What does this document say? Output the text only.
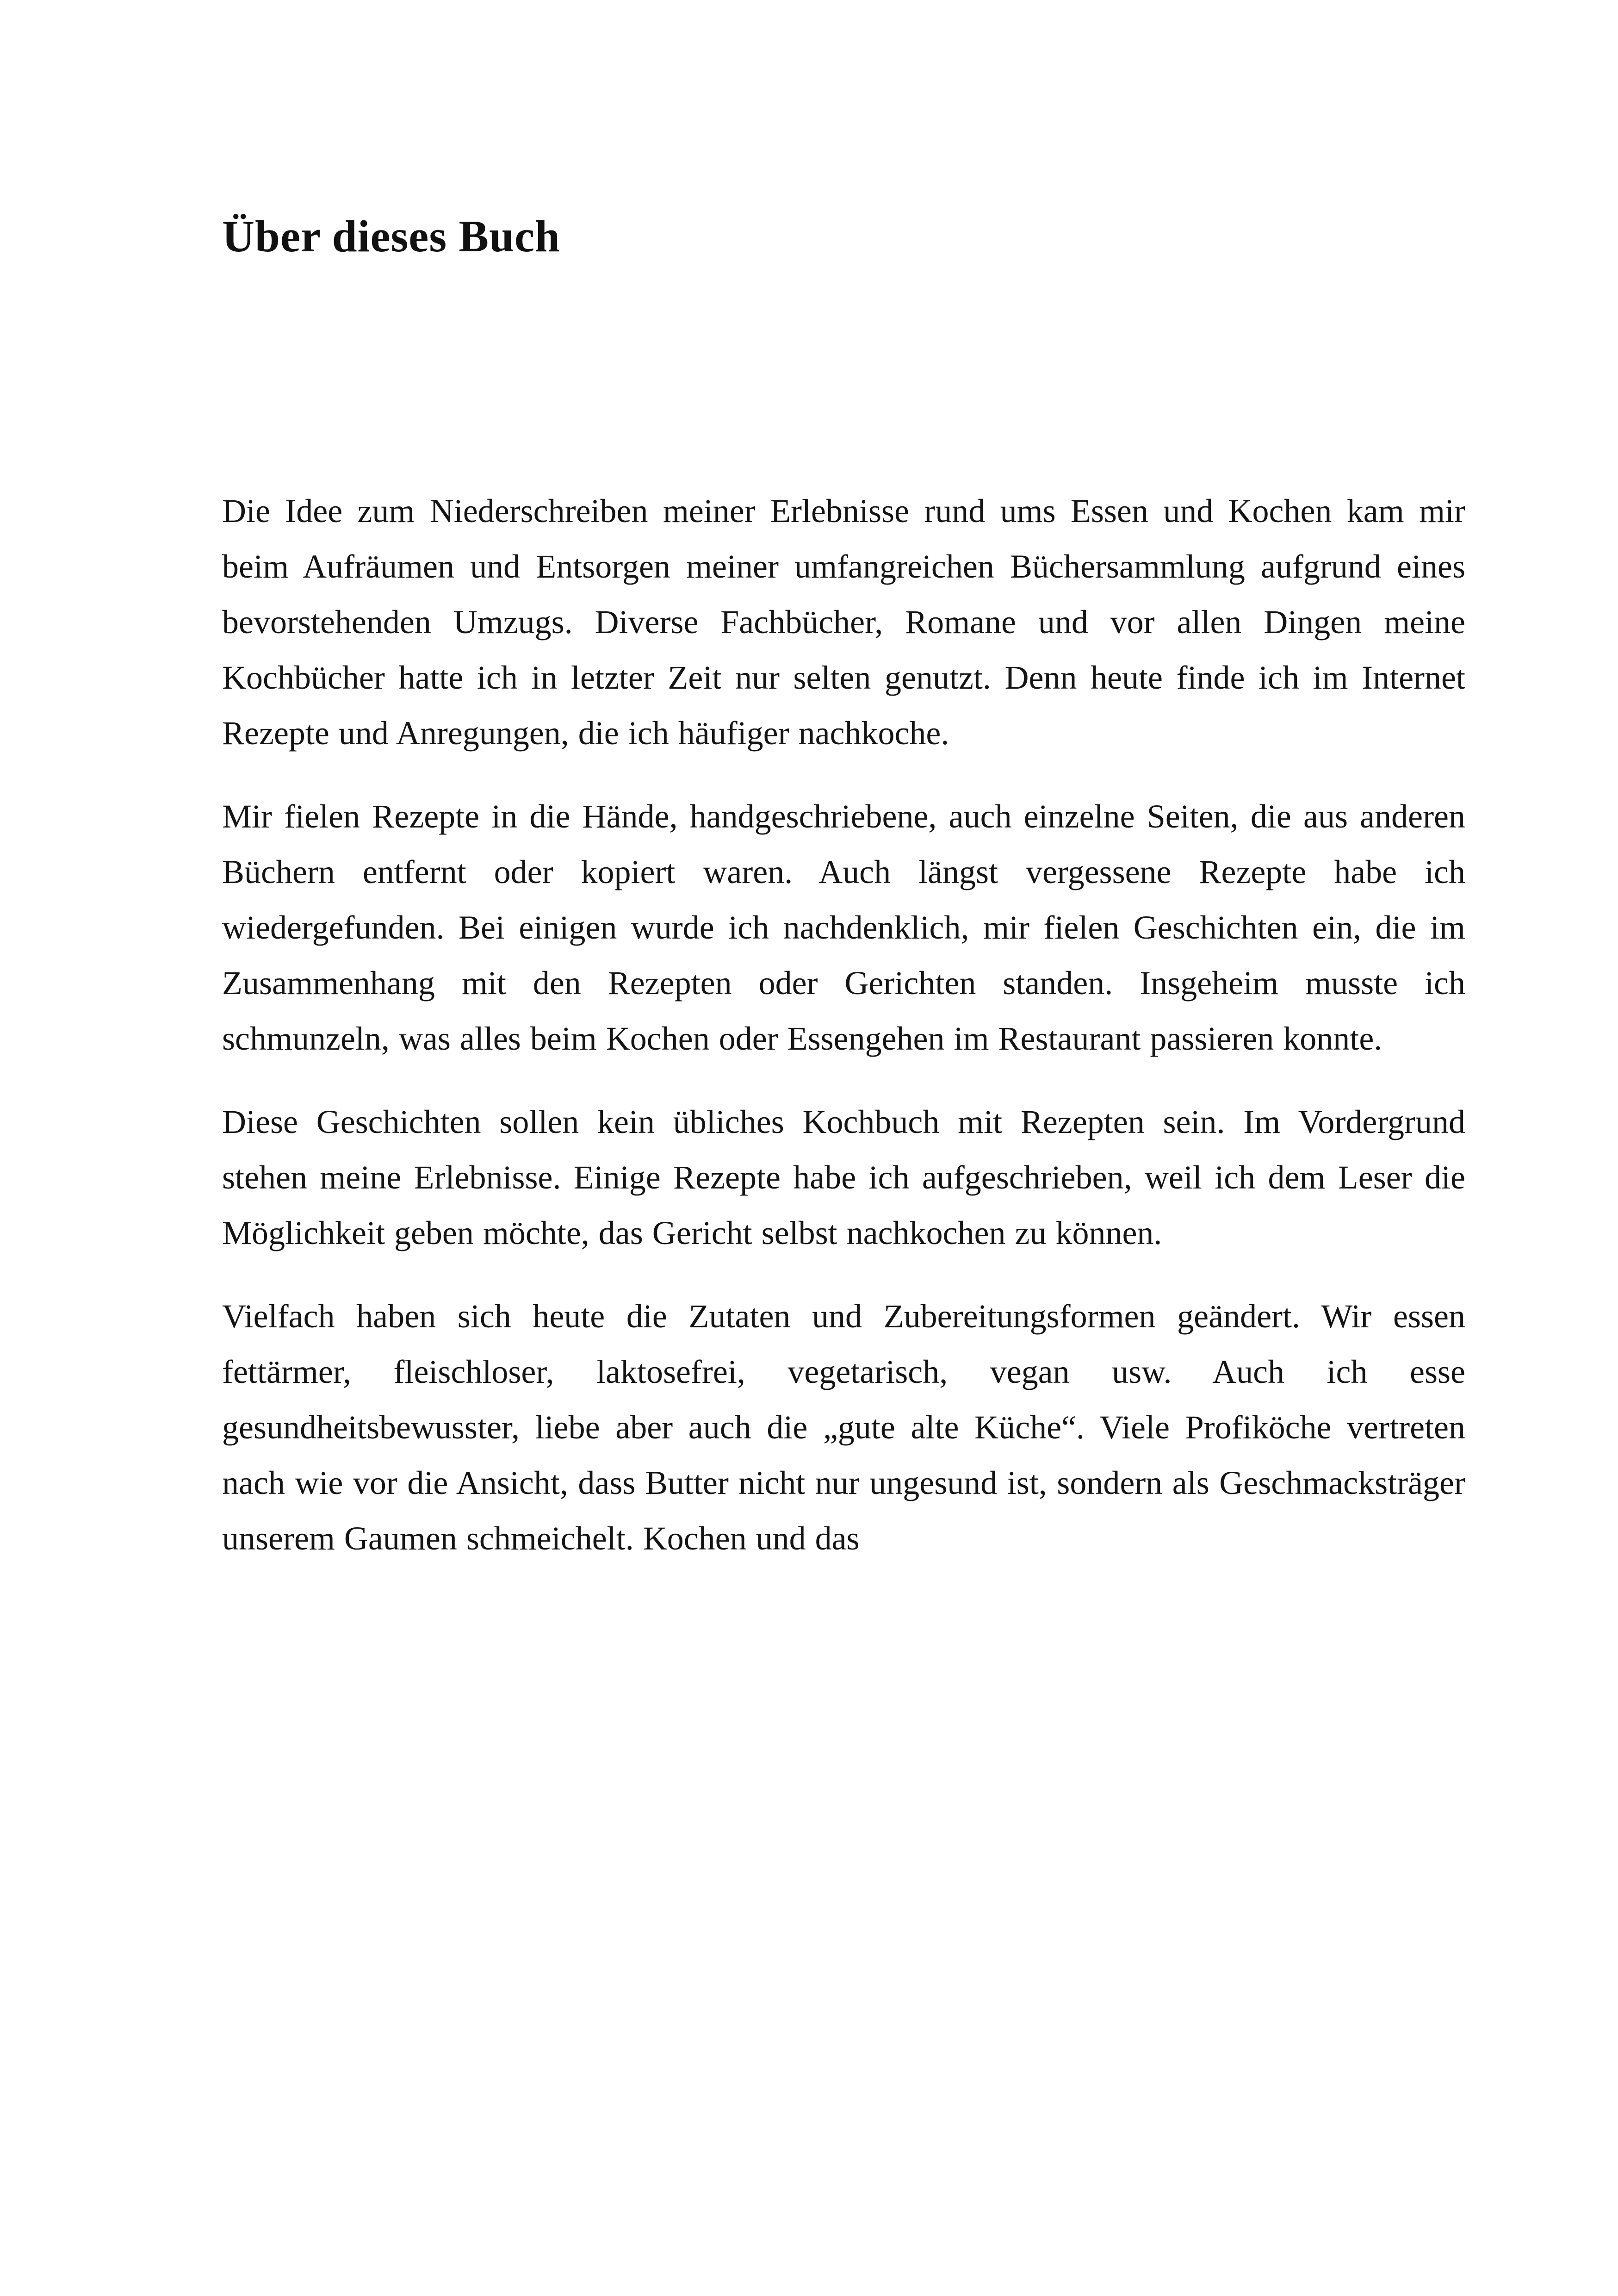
Über dieses Buch

Die Idee zum Niederschreiben meiner Erlebnisse rund ums Essen und Kochen kam mir beim Aufräumen und Entsorgen meiner umfangreichen Büchersammlung aufgrund eines bevorstehenden Umzugs. Diverse Fachbücher, Romane und vor allen Dingen meine Kochbücher hatte ich in letzter Zeit nur selten genutzt. Denn heute finde ich im Internet Rezepte und Anregungen, die ich häufiger nachkoche.

Mir fielen Rezepte in die Hände, handgeschriebene, auch einzelne Seiten, die aus anderen Büchern entfernt oder kopiert waren. Auch längst vergessene Rezepte habe ich wiedergefunden. Bei einigen wurde ich nachdenklich, mir fielen Geschichten ein, die im Zusammenhang mit den Rezepten oder Gerichten standen. Insgeheim musste ich schmunzeln, was alles beim Kochen oder Essengehen im Restaurant passieren konnte.

Diese Geschichten sollen kein übliches Kochbuch mit Rezepten sein. Im Vordergrund stehen meine Erlebnisse. Einige Rezepte habe ich aufgeschrieben, weil ich dem Leser die Möglichkeit geben möchte, das Gericht selbst nachkochen zu können.

Vielfach haben sich heute die Zutaten und Zubereitungsformen geändert. Wir essen fettärmer, fleischloser, laktosefrei, vegetarisch, vegan usw. Auch ich esse gesundheitsbewusster, liebe aber auch die „gute alte Küche“. Viele Profiköche vertreten nach wie vor die Ansicht, dass Butter nicht nur ungesund ist, sondern als Geschmacksträger unserem Gaumen schmeichelt. Kochen und das
